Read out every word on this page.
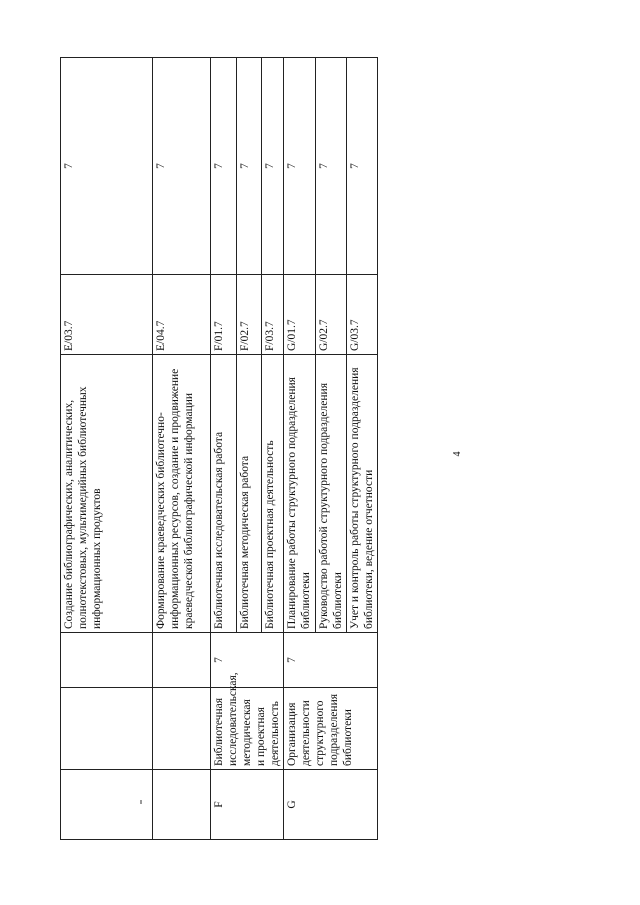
4
			Создание библиографических, аналитических, полнотекстовых, мультимедийных библиотечных информационных продуктов	E/03.7	7
			Формирование краеведческих библиотечно-информационных ресурсов, создание и продвижение краеведческой библиографической информации	E/04.7	7
F	Библиотечная исследовательская, методическая и проектная деятельность	7	Библиотечная исследовательская работа	F/01.7	7
			Библиотечная методическая работа	F/02.7	7
			Библиотечная проектная деятельность	F/03.7	7
G	Организация деятельности структурного подразделения библиотеки	7	Планирование работы структурного подразделения библиотеки	G/01.7	7
			Руководство работой структурного подразделения библиотеки	G/02.7	7
			Учет и контроль работы структурного подразделения библиотеки, ведение отчетности	G/03.7	7
